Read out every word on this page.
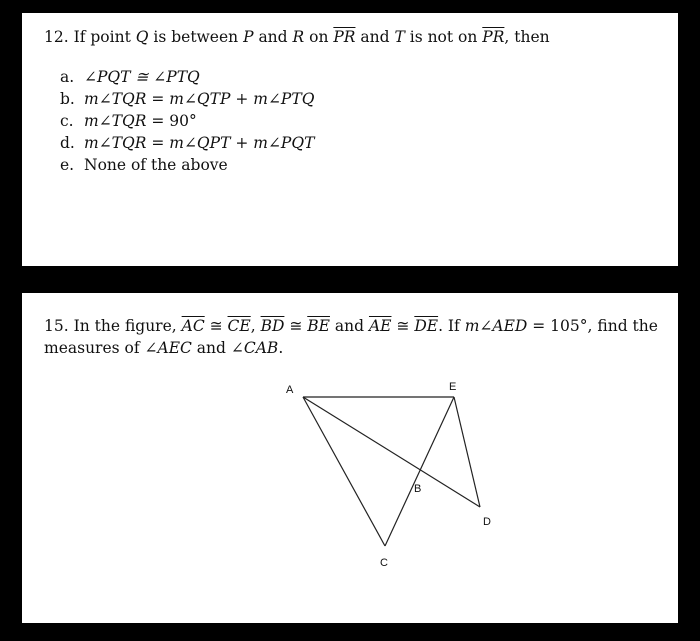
12. If point Q is between P and R on $\overline{PR}$ and T is not on $\overline{PR}$, then
a. ∠PQT ≅ ∠PTQ
b. m∠TQR = m∠QTP + m∠PTQ
c. m∠TQR = 90°
d. m∠TQR = m∠QPT + m∠PQT
e. None of the above
15. In the figure, $\overline{AC}$ ≅ $\overline{CE}$, $\overline{BD}$ ≅ $\overline{BE}$ and $\overline{AE}$ ≅ $\overline{DE}$. If m∠AED = 105°, find the measures of ∠AEC and ∠CAB.
A	E
B
C
D
